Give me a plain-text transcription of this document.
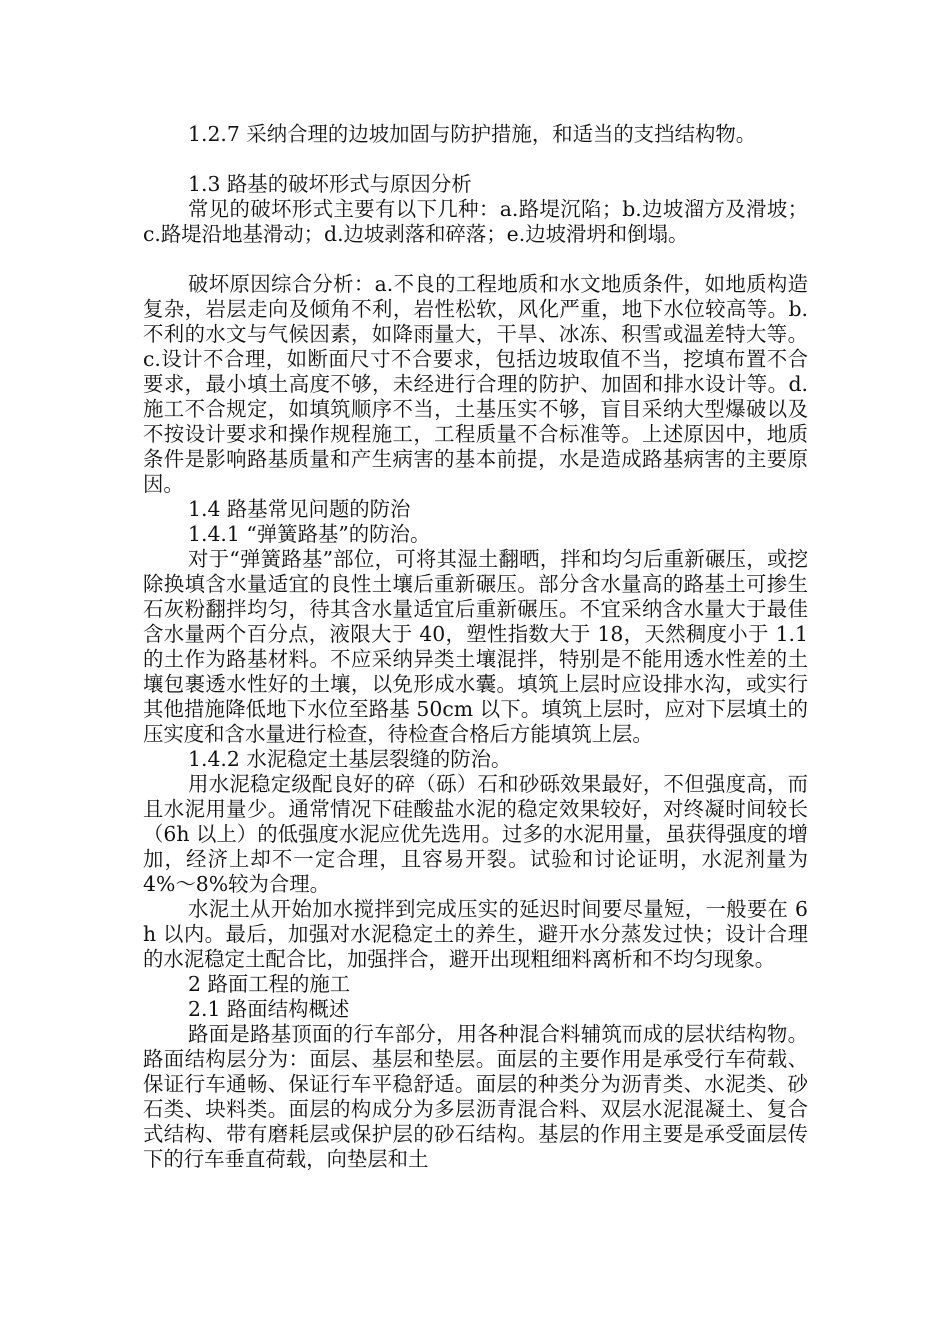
1.2.7 采纳合理的边坡加固与防护措施，和适当的支挡结构物。

1.3 路基的破坏形式与原因分析

常见的破坏形式主要有以下几种：a.路堤沉陷；b.边坡溜方及滑坡；c.路堤沿地基滑动；d.边坡剥落和碎落；e.边坡滑坍和倒塌。

破坏原因综合分析：a.不良的工程地质和水文地质条件，如地质构造复杂，岩层走向及倾角不利，岩性松软，风化严重，地下水位较高等。b.不利的水文与气候因素，如降雨量大，干旱、冰冻、积雪或温差特大等。c.设计不合理，如断面尺寸不合要求，包括边坡取值不当，挖填布置不合要求，最小填土高度不够，未经进行合理的防护、加固和排水设计等。d.施工不合规定，如填筑顺序不当，土基压实不够，盲目采纳大型爆破以及不按设计要求和操作规程施工，工程质量不合标准等。上述原因中，地质条件是影响路基质量和产生病害的基本前提，水是造成路基病害的主要原因。

1.4 路基常见问题的防治

1.4.1 “弹簧路基”的防治。

对于“弹簧路基”部位，可将其湿土翻晒，拌和均匀后重新碾压，或挖除换填含水量适宜的良性土壤后重新碾压。部分含水量高的路基土可掺生石灰粉翻拌均匀，待其含水量适宜后重新碾压。不宜采纳含水量大于最佳含水量两个百分点，液限大于 40，塑性指数大于 18，天然稠度小于 1.1 的土作为路基材料。不应采纳异类土壤混拌，特别是不能用透水性差的土壤包裹透水性好的土壤，以免形成水囊。填筑上层时应设排水沟，或实行其他措施降低地下水位至路基 50cm 以下。填筑上层时，应对下层填土的压实度和含水量进行检查，待检查合格后方能填筑上层。

1.4.2 水泥稳定土基层裂缝的防治。

用水泥稳定级配良好的碎（砾）石和砂砾效果最好，不但强度高，而且水泥用量少。通常情况下硅酸盐水泥的稳定效果较好，对终凝时间较长（6h 以上）的低强度水泥应优先选用。过多的水泥用量，虽获得强度的增加，经济上却不一定合理，且容易开裂。试验和讨论证明，水泥剂量为 4%～8%较为合理。

水泥土从开始加水搅拌到完成压实的延迟时间要尽量短，一般要在 6h 以内。最后，加强对水泥稳定土的养生，避开水分蒸发过快；设计合理的水泥稳定土配合比，加强拌合，避开出现粗细料离析和不均匀现象。

2 路面工程的施工

2.1 路面结构概述

路面是路基顶面的行车部分，用各种混合料辅筑而成的层状结构物。路面结构层分为：面层、基层和垫层。面层的主要作用是承受行车荷载、保证行车通畅、保证行车平稳舒适。面层的种类分为沥青类、水泥类、砂石类、块料类。面层的构成分为多层沥青混合料、双层水泥混凝土、复合式结构、带有磨耗层或保护层的砂石结构。基层的作用主要是承受面层传下的行车垂直荷载，向垫层和土
